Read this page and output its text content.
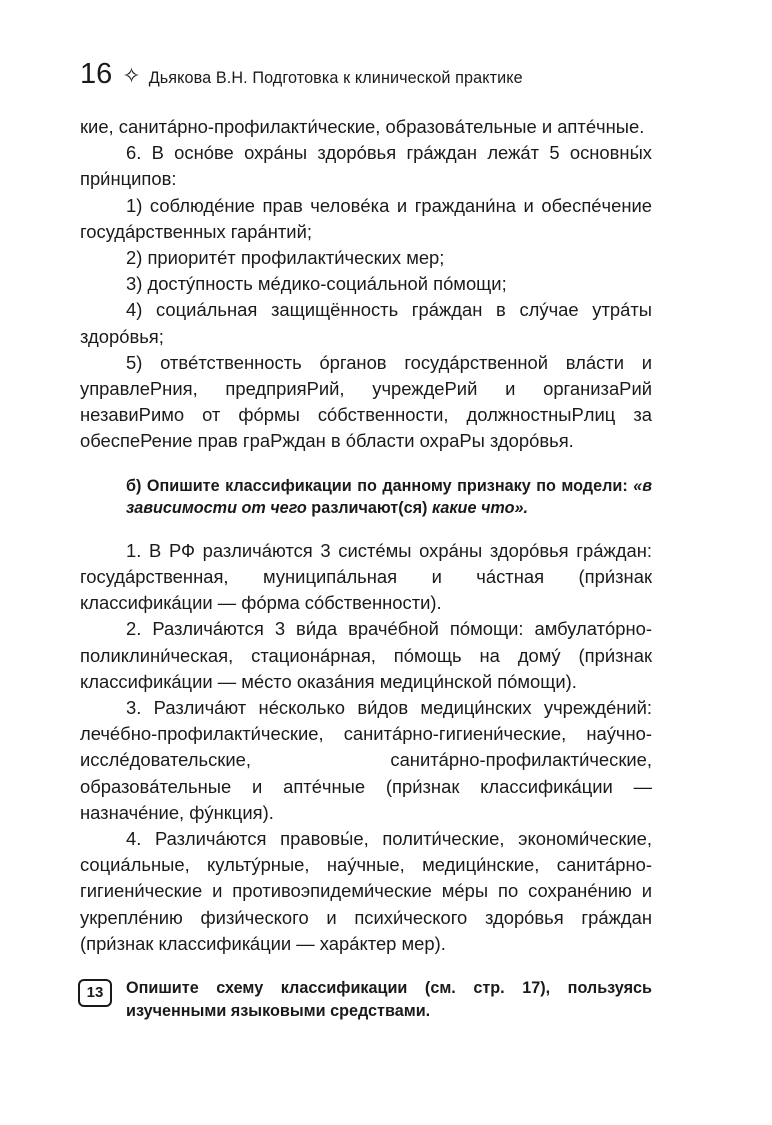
16 ✧ Дьякова В.Н. Подготовка к клинической практике

кие, санитáрно-профилакти́ческие, образовáтельные и аптéчные.

6. В оснóве охрáны здорóвья грáждан лежáт 5 основны́х при́нципов:

1) соблюдéние прав человéка и граждани́на и обеспéчение госудáрственных гарáнтий;

2) приоритéт профилакти́ческих мер;

3) достýпность мéдико-социáльной пóмощи;

4) социáльная защищённость грáждан в слýчае утрáты здорóвья;

5) отвéтственность óрганов госудáрственной влáсти и управлеРния, предприяРий, учреждеРий и организаРий незавиРимо от фóрмы сóбственности, должностныРлиц за обеспеРение прав граРждан в óбласти охраРы здорóвья.

б) Опишите классификации по данному признаку по модели: «в зависимости от чего различают(ся) какие что».

1. В РФ различáются 3 систéмы охрáны здорóвья грáждан: госудáрственная, муниципáльная и чáстная (при́знак классификáции — фóрма сóбственности).

2. Различáются 3 ви́да врачéбной пóмощи: амбулатóрно-поликлини́ческая, стационáрная, пóмощь на домý (при́знак классификáции — мéсто оказáния медици́нской пóмощи).

3. Различáют нéсколько ви́дов медици́нских учреждéний: лечéбно-профилакти́ческие, санитáрно-гигиени́ческие, наýчно-исслéдовательские, санитáрно-профилакти́ческие, образовáтельные и аптéчные (при́знак классификáции — назначéние, фýнкция).

4. Различáются правовы́е, полити́ческие, экономи́ческие, социáльные, культýрные, наýчные, медици́нские, санитáрно-гигиени́ческие и противоэпидеми́ческие мéры по сохранéнию и укреплéнию физи́ческого и психи́ческого здорóвья грáждан (при́знак классификáции — харáктер мер).

13	Опишите схему классификации (см. стр. 17), пользуясь изученными языковыми средствами.
